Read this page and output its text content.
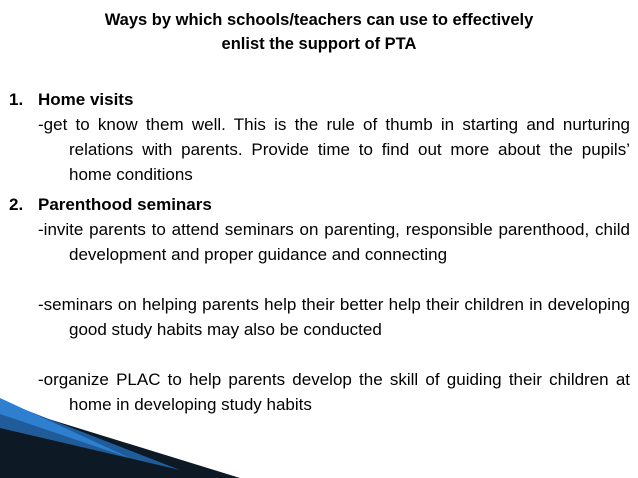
Ways by which schools/teachers can use to effectively
enlist the support of PTA

1. Home visits

-get to know them well. This is the rule of thumb in starting and nurturing relations with parents. Provide time to find out more about the pupils’ home conditions

2. Parenthood seminars

-invite parents to attend seminars on parenting, responsible parenthood, child development and proper guidance and connecting

-seminars on helping parents help their better help their children in developing good study habits may also be conducted

-organize PLAC to help parents develop the skill of guiding their children at home in developing study habits
